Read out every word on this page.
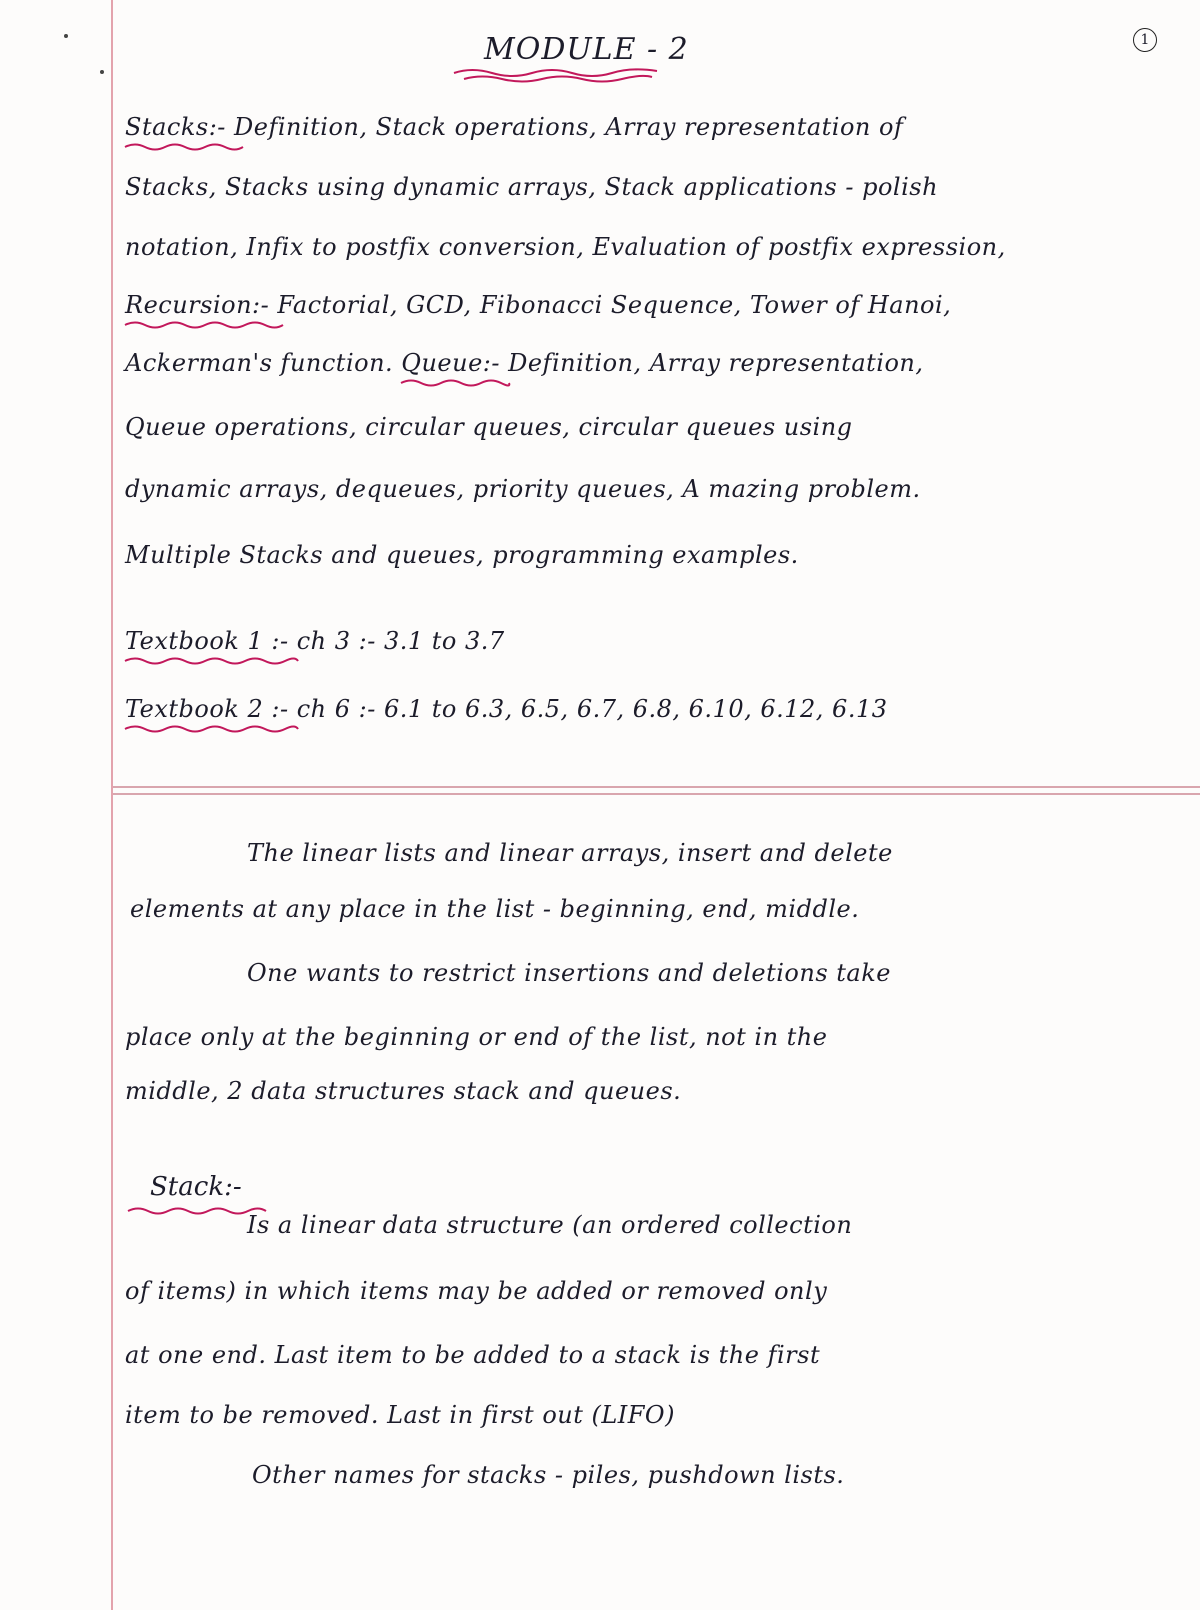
MODULE - 2	1
Stacks:-
Definition, Stack operations, Array representation of
Stacks, Stacks using dynamic arrays, Stack applications - polish
notation, Infix to postfix conversion, Evaluation of postfix expression,
Recursion:-
Factorial, GCD, Fibonacci Sequence, Tower of Hanoi,
Ackerman's function. Queue:-
Definition, Array representation,
Queue operations, circular queues, circular queues using
dynamic arrays, dequeues, priority queues, A mazing problem.
Multiple Stacks and queues, programming examples.
Textbook 1 :-
ch 3 :- 3.1 to 3.7
Textbook 2 :-
ch 6 :- 6.1 to 6.3, 6.5, 6.7, 6.8, 6.10, 6.12, 6.13
The linear lists and linear arrays, insert and delete
elements at any place in the list - beginning, end, middle.
One wants to restrict insertions and deletions take
place only at the beginning or end of the list, not in the
middle, 2 data structures stack and queues.
Stack:-
Is a linear data structure (an ordered collection
of items) in which items may be added or removed only
at one end. Last item to be added to a stack is the first
item to be removed. Last in first out (LIFO)
Other names for stacks - piles, pushdown lists.
